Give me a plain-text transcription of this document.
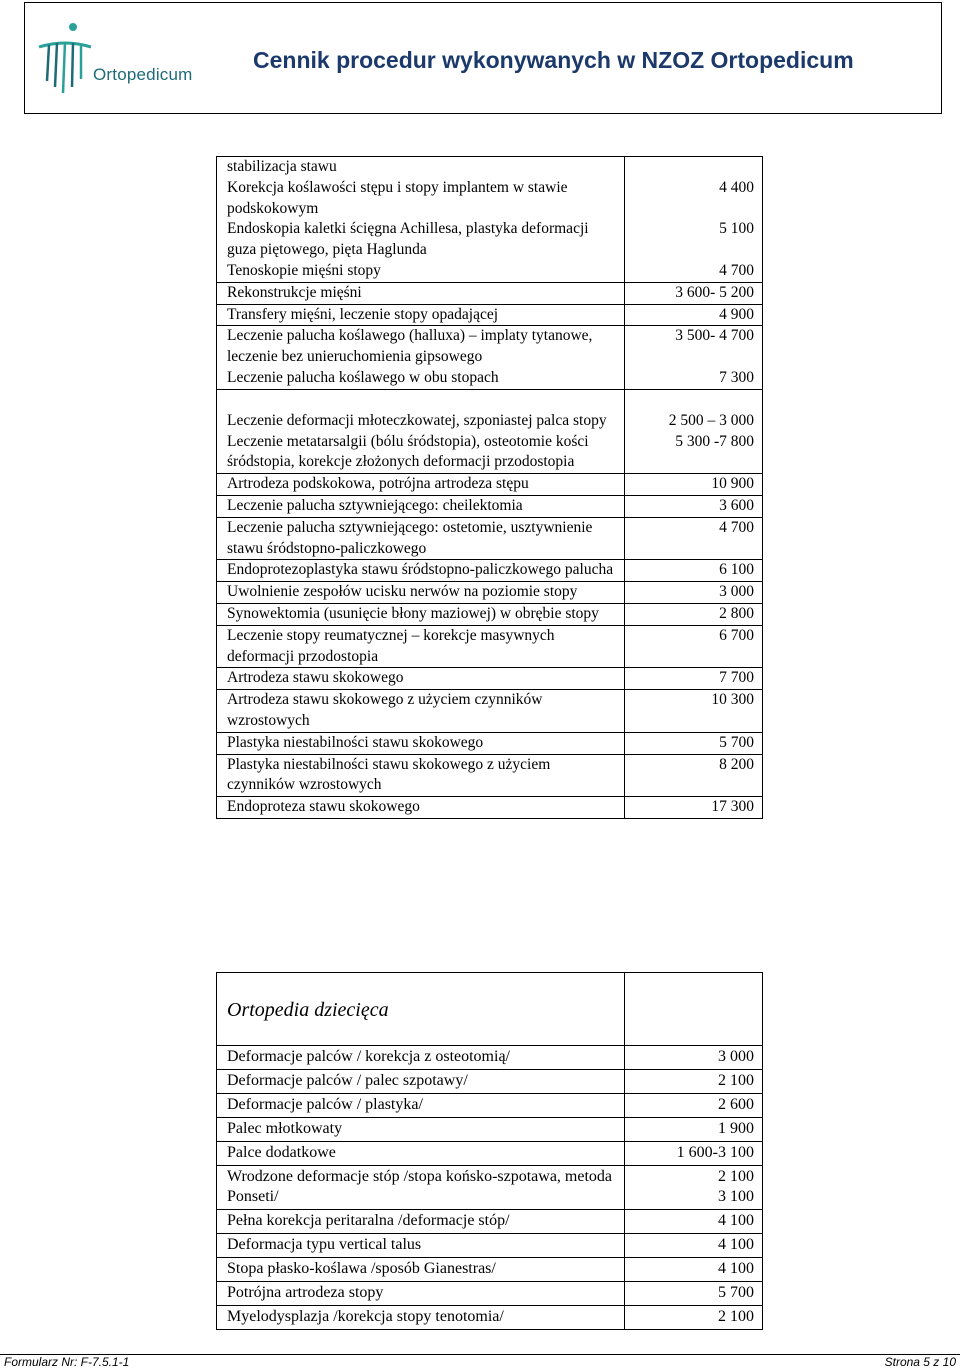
Ortopedicum
Cennik procedur wykonywanych w NZOZ Ortopedicum
stabilizacja stawu	
Korekcja koślawości stępu i stopy implantem w stawie podskokowym	4 400
Endoskopia kaletki ścięgna Achillesa, plastyka deformacji guza piętowego, pięta Haglunda	5 100
Tenoskopie mięśni stopy	4 700
Rekonstrukcje mięśni	3 600- 5 200
Transfery mięśni, leczenie stopy opadającej	4 900
Leczenie palucha koślawego (halluxa) – implaty tytanowe, leczenie bez unieruchomienia gipsowego	3 500- 4 700
Leczenie palucha koślawego w obu stopach	7 300

Leczenie deformacji młoteczkowatej, szponiastej palca stopy	2 500 – 3 000
Leczenie metatarsalgii (bólu śródstopia), osteotomie kości śródstopia, korekcje złożonych deformacji przodostopia	5 300 -7 800
Artrodeza podskokowa, potrójna artrodeza stępu	10 900
Leczenie palucha sztywniejącego: cheilektomia	3 600
Leczenie palucha sztywniejącego: ostetomie, usztywnienie stawu śródstopno-paliczkowego	4 700
Endoprotezoplastyka stawu śródstopno-paliczkowego palucha	6 100
Uwolnienie zespołów ucisku nerwów na poziomie stopy	3 000
Synowektomia (usunięcie błony maziowej) w obrębie stopy	2 800
Leczenie stopy reumatycznej – korekcje masywnych deformacji przodostopia	6 700
Artrodeza stawu skokowego	7 700
Artrodeza stawu skokowego z użyciem czynników wzrostowych	10 300
Plastyka niestabilności stawu skokowego	5 700
Plastyka niestabilności stawu skokowego z użyciem czynników wzrostowych	8 200
Endoproteza stawu skokowego	17 300
Ortopedia dziecięca	
Deformacje palców / korekcja z osteotomią/	3 000

Deformacje palców / palec szpotawy/	2 100

Deformacje palców / plastyka/	2 600

Palec młotkowaty	1 900

Palce dodatkowe	1 600-3 100

Wrodzone deformacje stóp /stopa końsko-szpotawa, metoda Ponseti/	2 100
3 100

Pełna korekcja peritaralna /deformacje stóp/	4 100

Deformacja typu vertical talus	4 100

Stopa płasko-koślawa /sposób Gianestras/	4 100

Potrójna artrodeza stopy	5 700

Myelodysplazja /korekcja stopy tenotomia/	2 100
Formularz Nr: F-7.5.1-1	Strona 5 z 10
